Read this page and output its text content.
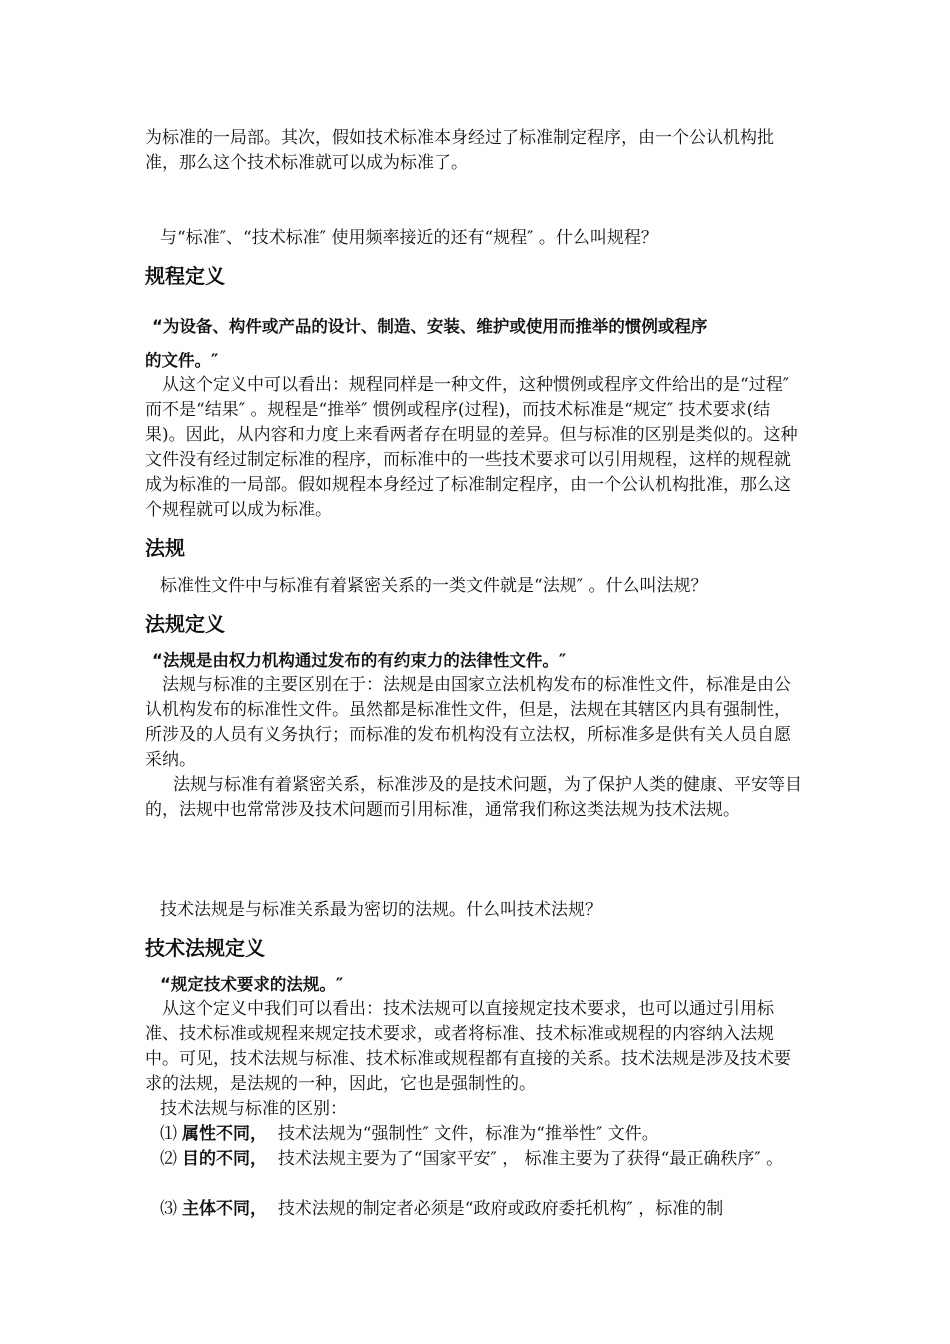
为标准的一局部。其次，假如技术标准本身经过了标准制定程序，由一个公认机构批准，那么这个技术标准就可以成为标准了。

与“标准″、“技术标准″ 使用频率接近的还有“规程″ 。什么叫规程？

规程定义
“为设备、构件或产品的设计、制造、安装、维护或使用而推举的惯例或程序
的文件。″

从这个定义中可以看出：规程同样是一种文件，这种惯例或程序文件给出的是“过程″ 而不是“结果″ 。规程是“推举″ 惯例或程序(过程)，而技术标准是“规定″ 技术要求(结果)。因此，从内容和力度上来看两者存在明显的差异。但与标准的区别是类似的。这种文件没有经过制定标准的程序，而标准中的一些技术要求可以引用规程，这样的规程就成为标准的一局部。假如规程本身经过了标准制定程序，由一个公认机构批准，那么这个规程就可以成为标准。

法规

标准性文件中与标准有着紧密关系的一类文件就是“法规″ 。什么叫法规？

法规定义
“法规是由权力机构通过发布的有约束力的法律性文件。″

法规与标准的主要区别在于：法规是由国家立法机构发布的标准性文件，标准是由公认机构发布的标准性文件。虽然都是标准性文件，但是，法规在其辖区内具有强制性，所涉及的人员有义务执行；而标准的发布机构没有立法权，所标准多是供有关人员自愿采纳。

法规与标准有着紧密关系，标准涉及的是技术问题，为了保护人类的健康、平安等目的，法规中也常常涉及技术问题而引用标准，通常我们称这类法规为技术法规。

技术法规是与标准关系最为密切的法规。什么叫技术法规？

技术法规定义
“规定技术要求的法规。″

从这个定义中我们可以看出：技术法规可以直接规定技术要求，也可以通过引用标准、技术标准或规程来规定技术要求，或者将标准、技术标准或规程的内容纳入法规中。可见，技术法规与标准、技术标准或规程都有直接的关系。技术法规是涉及技术要求的法规，是法规的一种，因此，它也是强制性的。

技术法规与标准的区别：

⑴ 属性不同， 技术法规为“强制性″ 文件，标准为“推举性″ 文件。

⑵ 目的不同， 技术法规主要为了“国家平安″ ， 标准主要为了获得“最正确秩序″ 。

⑶ 主体不同， 技术法规的制定者必须是“政府或政府委托机构″ ，标准的制
